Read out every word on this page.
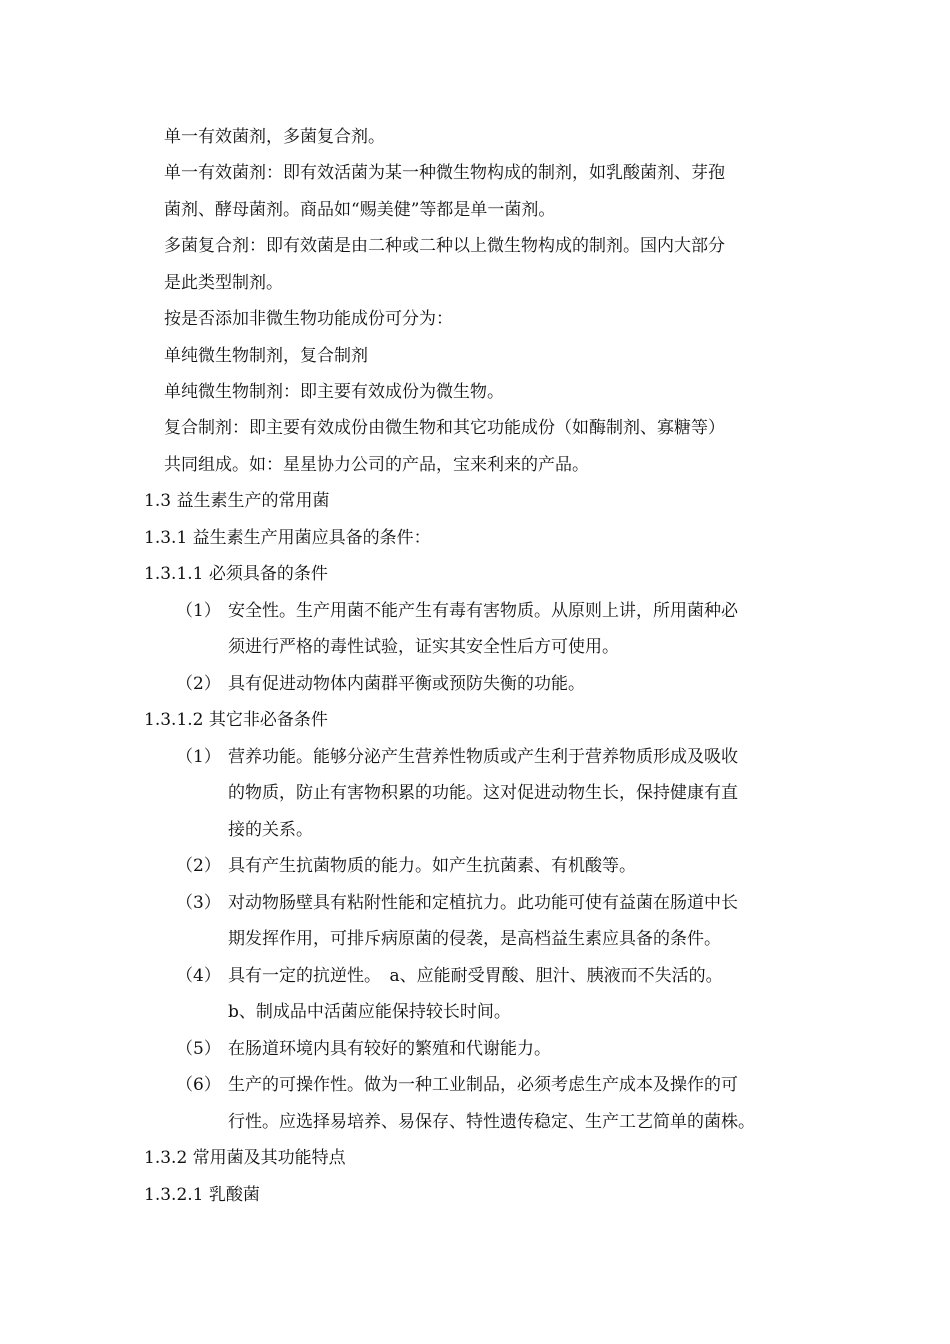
单一有效菌剂，多菌复合剂。
单一有效菌剂：即有效活菌为某一种微生物构成的制剂，如乳酸菌剂、芽孢
菌剂、酵母菌剂。商品如“赐美健”等都是单一菌剂。
多菌复合剂：即有效菌是由二种或二种以上微生物构成的制剂。国内大部分
是此类型制剂。
按是否添加非微生物功能成份可分为：
单纯微生物制剂，复合制剂
单纯微生物制剂：即主要有效成份为微生物。
复合制剂：即主要有效成份由微生物和其它功能成份（如酶制剂、寡糖等）
共同组成。如：星星协力公司的产品，宝来利来的产品。
1.3 益生素生产的常用菌
1.3.1 益生素生产用菌应具备的条件：
1.3.1.1 必须具备的条件
（1） 安全性。生产用菌不能产生有毒有害物质。从原则上讲，所用菌种必
须进行严格的毒性试验，证实其安全性后方可使用。
（2） 具有促进动物体内菌群平衡或预防失衡的功能。
1.3.1.2 其它非必备条件
（1） 营养功能。能够分泌产生营养性物质或产生利于营养物质形成及吸收
的物质，防止有害物积累的功能。这对促进动物生长，保持健康有直
接的关系。
（2） 具有产生抗菌物质的能力。如产生抗菌素、有机酸等。
（3） 对动物肠壁具有粘附性能和定植抗力。此功能可使有益菌在肠道中长
期发挥作用，可排斥病原菌的侵袭，是高档益生素应具备的条件。
（4） 具有一定的抗逆性。　a、应能耐受胃酸、胆汁、胰液而不失活的。
b、制成品中活菌应能保持较长时间。
（5） 在肠道环境内具有较好的繁殖和代谢能力。
（6） 生产的可操作性。做为一种工业制品，必须考虑生产成本及操作的可
行性。应选择易培养、易保存、特性遗传稳定、生产工艺简单的菌株。
1.3.2 常用菌及其功能特点
1.3.2.1 乳酸菌
